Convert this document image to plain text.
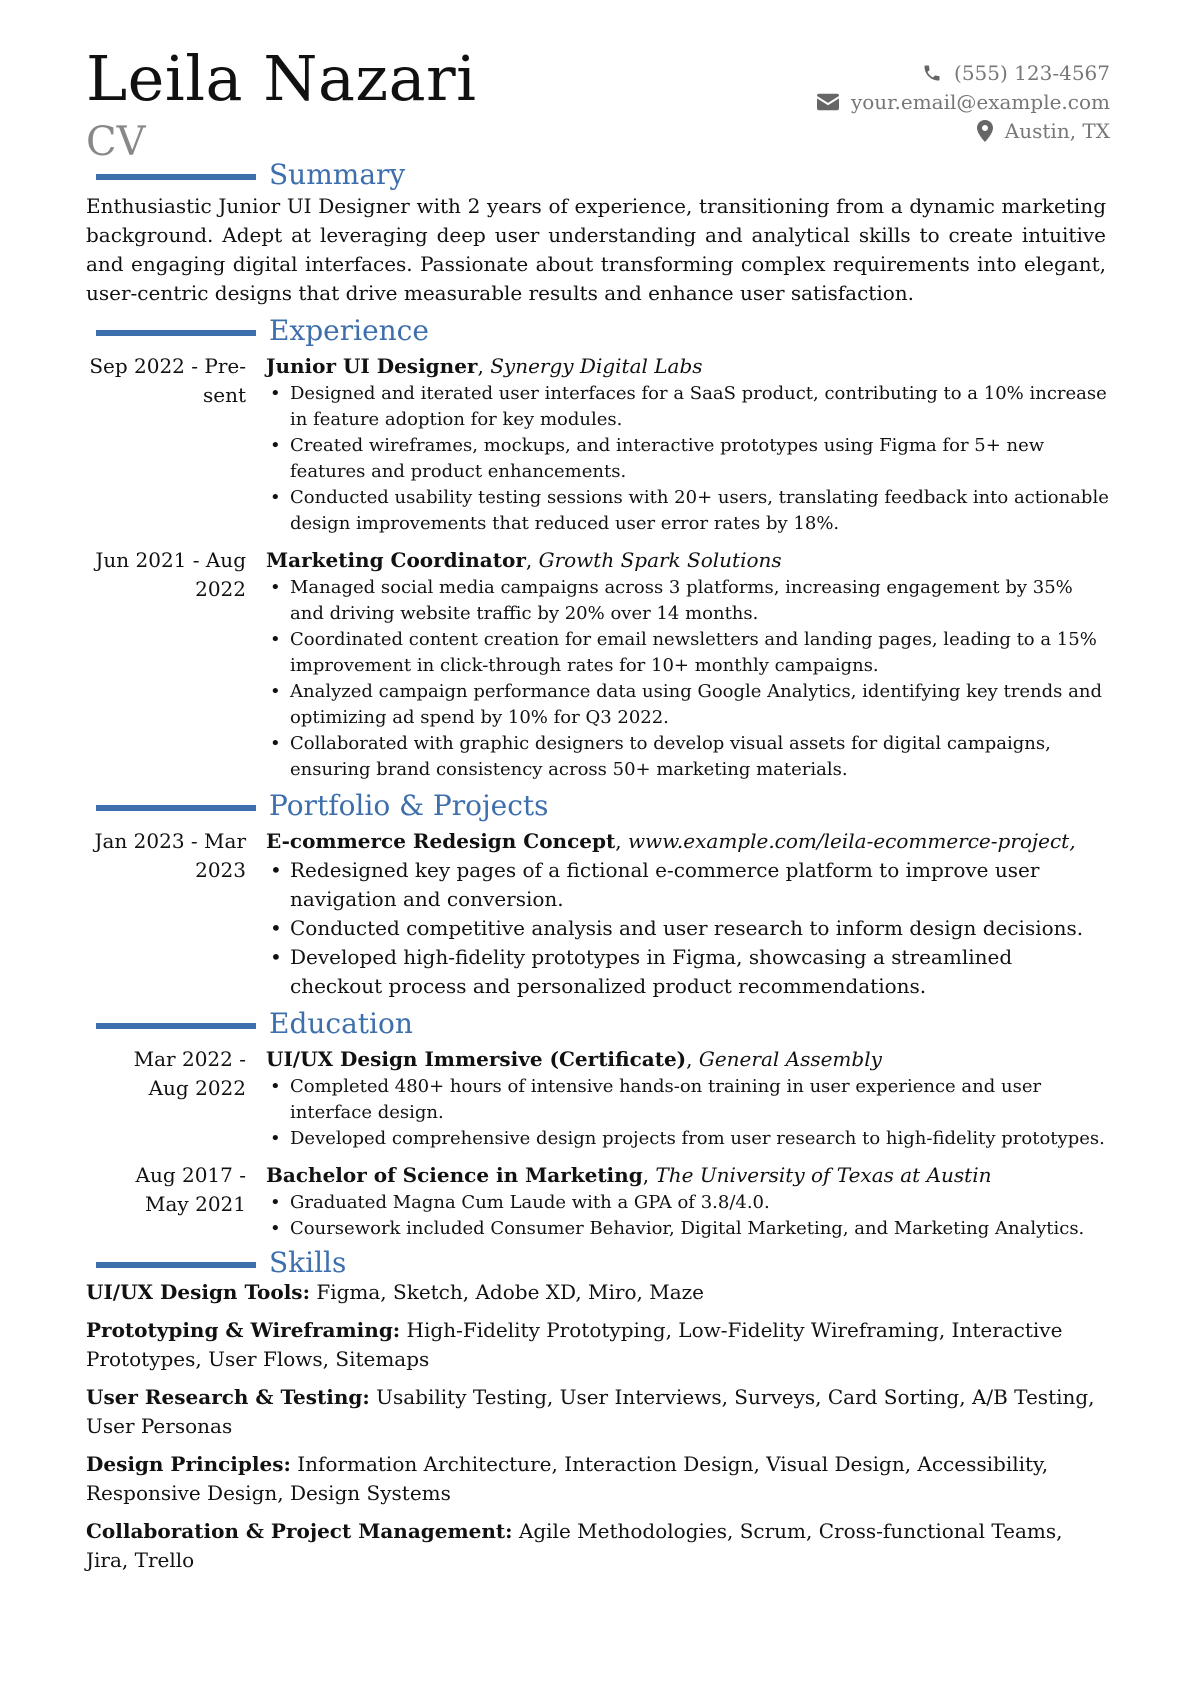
Leila Nazari
CV
(555) 123-4567
your.email@example.com
Austin, TX
Summary
Enthusiastic Junior UI Designer with 2 years of experience, transitioning from a dynamic marketing background. Adept at leveraging deep user understanding and analytical skills to create intuitive and engaging digital interfaces. Passionate about transforming complex requirements into elegant, user-centric designs that drive measurable results and enhance user satisfaction.
Experience
Sep 2022 - Pre-
sent
Junior UI Designer, Synergy Digital Labs
• Designed and iterated user interfaces for a SaaS product, contributing to a 10% increase in feature adoption for key modules.
• Created wireframes, mockups, and interactive prototypes using Figma for 5+ new features and product enhancements.
• Conducted usability testing sessions with 20+ users, translating feedback into actionable design improvements that reduced user error rates by 18%.
Jun 2021 - Aug
2022
Marketing Coordinator, Growth Spark Solutions
• Managed social media campaigns across 3 platforms, increasing engagement by 35% and driving website traffic by 20% over 14 months.
• Coordinated content creation for email newsletters and landing pages, leading to a 15% improvement in click-through rates for 10+ monthly campaigns.
• Analyzed campaign performance data using Google Analytics, identifying key trends and optimizing ad spend by 10% for Q3 2022.
• Collaborated with graphic designers to develop visual assets for digital campaigns, ensuring brand consistency across 50+ marketing materials.
Portfolio & Projects
Jan 2023 - Mar
2023
E-commerce Redesign Concept, www.example.com/leila-ecommerce-project,
• Redesigned key pages of a fictional e-commerce platform to improve user navigation and conversion.
• Conducted competitive analysis and user research to inform design decisions.
• Developed high-fidelity prototypes in Figma, showcasing a streamlined checkout process and personalized product recommendations.
Education
Mar 2022 -
Aug 2022
UI/UX Design Immersive (Certificate), General Assembly
• Completed 480+ hours of intensive hands-on training in user experience and user interface design.
• Developed comprehensive design projects from user research to high-fidelity prototypes.
Aug 2017 -
May 2021
Bachelor of Science in Marketing, The University of Texas at Austin
• Graduated Magna Cum Laude with a GPA of 3.8/4.0.
• Coursework included Consumer Behavior, Digital Marketing, and Marketing Analytics.
Skills
UI/UX Design Tools: Figma, Sketch, Adobe XD, Miro, Maze
Prototyping & Wireframing: High-Fidelity Prototyping, Low-Fidelity Wireframing, Interactive Prototypes, User Flows, Sitemaps
User Research & Testing: Usability Testing, User Interviews, Surveys, Card Sorting, A/B Testing, User Personas
Design Principles: Information Architecture, Interaction Design, Visual Design, Accessibility, Responsive Design, Design Systems
Collaboration & Project Management: Agile Methodologies, Scrum, Cross-functional Teams, Jira, Trello
